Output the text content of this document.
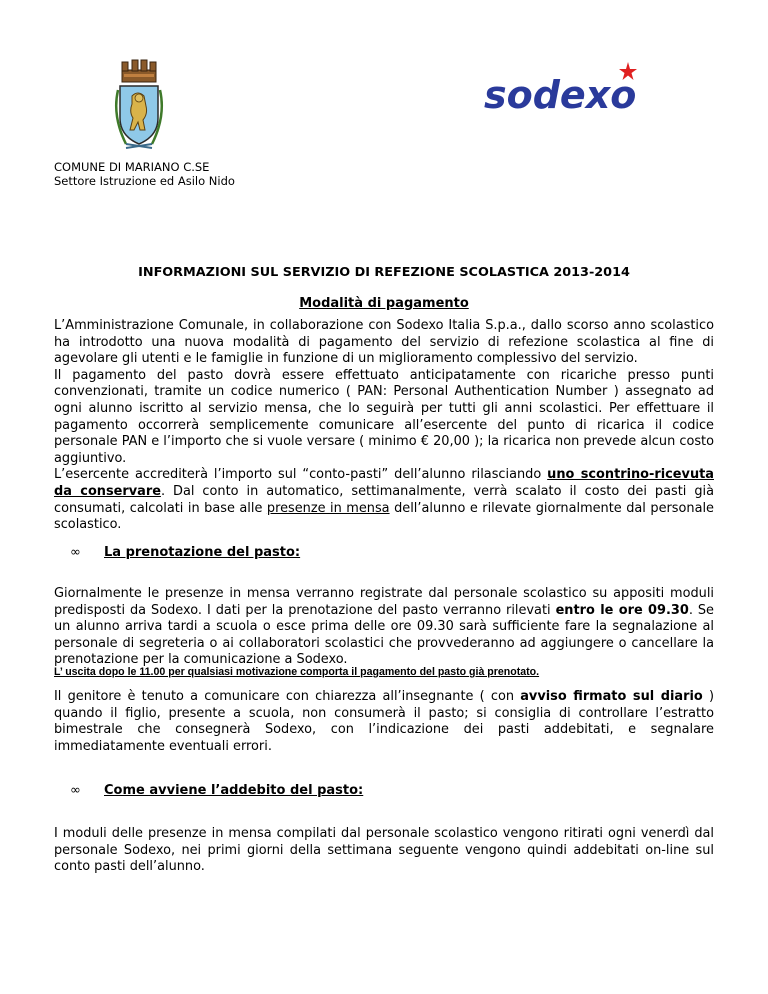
sodexo
COMUNE DI MARIANO C.SE
Settore Istruzione ed Asilo Nido
INFORMAZIONI SUL SERVIZIO DI REFEZIONE SCOLASTICA 2013-2014
Modalità di pagamento

L’Amministrazione Comunale, in collaborazione con Sodexo Italia S.p.a., dallo scorso anno scolastico ha introdotto una nuova modalità di pagamento del servizio di refezione scolastica al fine di agevolare gli utenti e le famiglie in funzione di un miglioramento complessivo del servizio.

Il pagamento del pasto dovrà essere effettuato anticipatamente con ricariche presso punti convenzionati, tramite un codice numerico ( PAN: Personal Authentication Number ) assegnato ad ogni alunno iscritto al servizio mensa, che lo seguirà per tutti gli anni scolastici. Per effettuare il pagamento occorrerà semplicemente comunicare all’esercente del punto di ricarica il codice personale PAN e l’importo che si vuole versare ( minimo € 20,00 ); la ricarica non prevede alcun costo aggiuntivo.

L’esercente accrediterà l’importo sul “conto-pasti” dell’alunno rilasciando uno scontrino-ricevuta da conservare. Dal conto in automatico, settimanalmente, verrà scalato il costo dei pasti già consumati, calcolati in base alle presenze in mensa dell’alunno e rilevate giornalmente dal personale scolastico.

∞ La prenotazione del pasto:

Giornalmente le presenze in mensa verranno registrate dal personale scolastico su appositi moduli predisposti da Sodexo. I dati per la prenotazione del pasto verranno rilevati entro le ore 09.30. Se un alunno arriva tardi a scuola o esce prima delle ore 09.30 sarà sufficiente fare la segnalazione al personale di segreteria o ai collaboratori scolastici che provvederanno ad aggiungere o cancellare la prenotazione per la comunicazione a Sodexo.

L’ uscita dopo le 11.00 per qualsiasi motivazione comporta il pagamento del pasto già prenotato.

Il genitore è tenuto a comunicare con chiarezza all’insegnante ( con avviso firmato sul diario ) quando il figlio, presente a scuola, non consumerà il pasto; si consiglia di controllare l’estratto bimestrale che consegnerà Sodexo, con l’indicazione dei pasti addebitati, e segnalare immediatamente eventuali errori.

∞ Come avviene l’addebito del pasto:

I moduli delle presenze in mensa compilati dal personale scolastico vengono ritirati ogni venerdì dal personale Sodexo, nei primi giorni della settimana seguente vengono quindi addebitati on-line sul conto pasti dell’alunno.
